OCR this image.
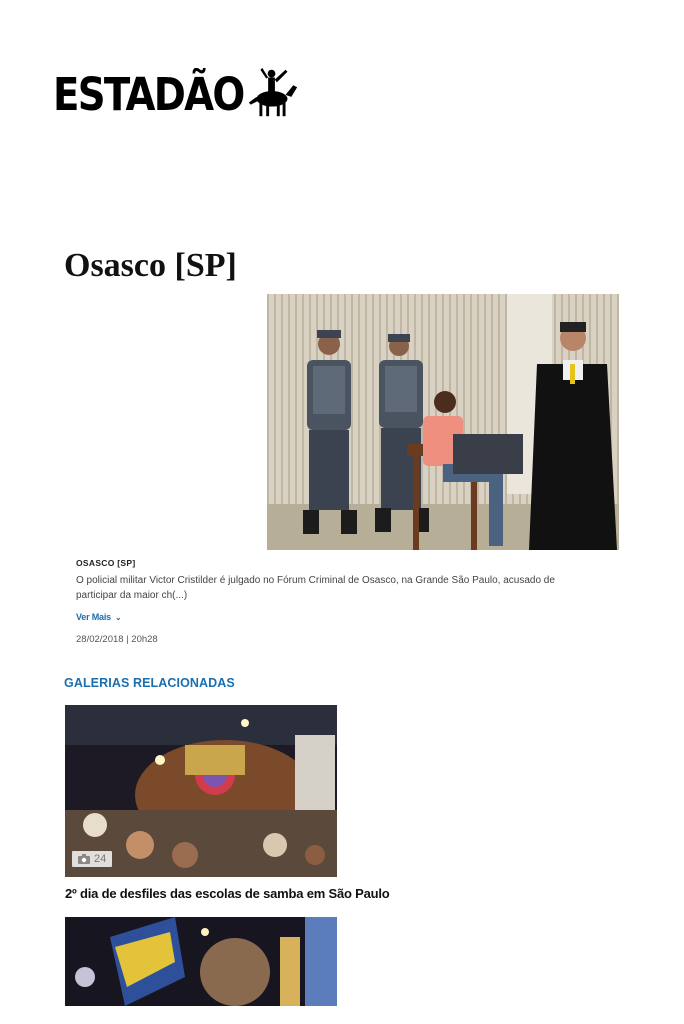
ESTADÃO
Osasco [SP]

OSASCO [SP]

O policial militar Victor Cristilder é julgado no Fórum Criminal de Osasco, na Grande São Paulo, acusado de participar da maior ch(...)

Ver Mais ⌄
28/02/2018 | 20h28
GALERIAS RELACIONADAS
24

2º dia de desfiles das escolas de samba em São Paulo
